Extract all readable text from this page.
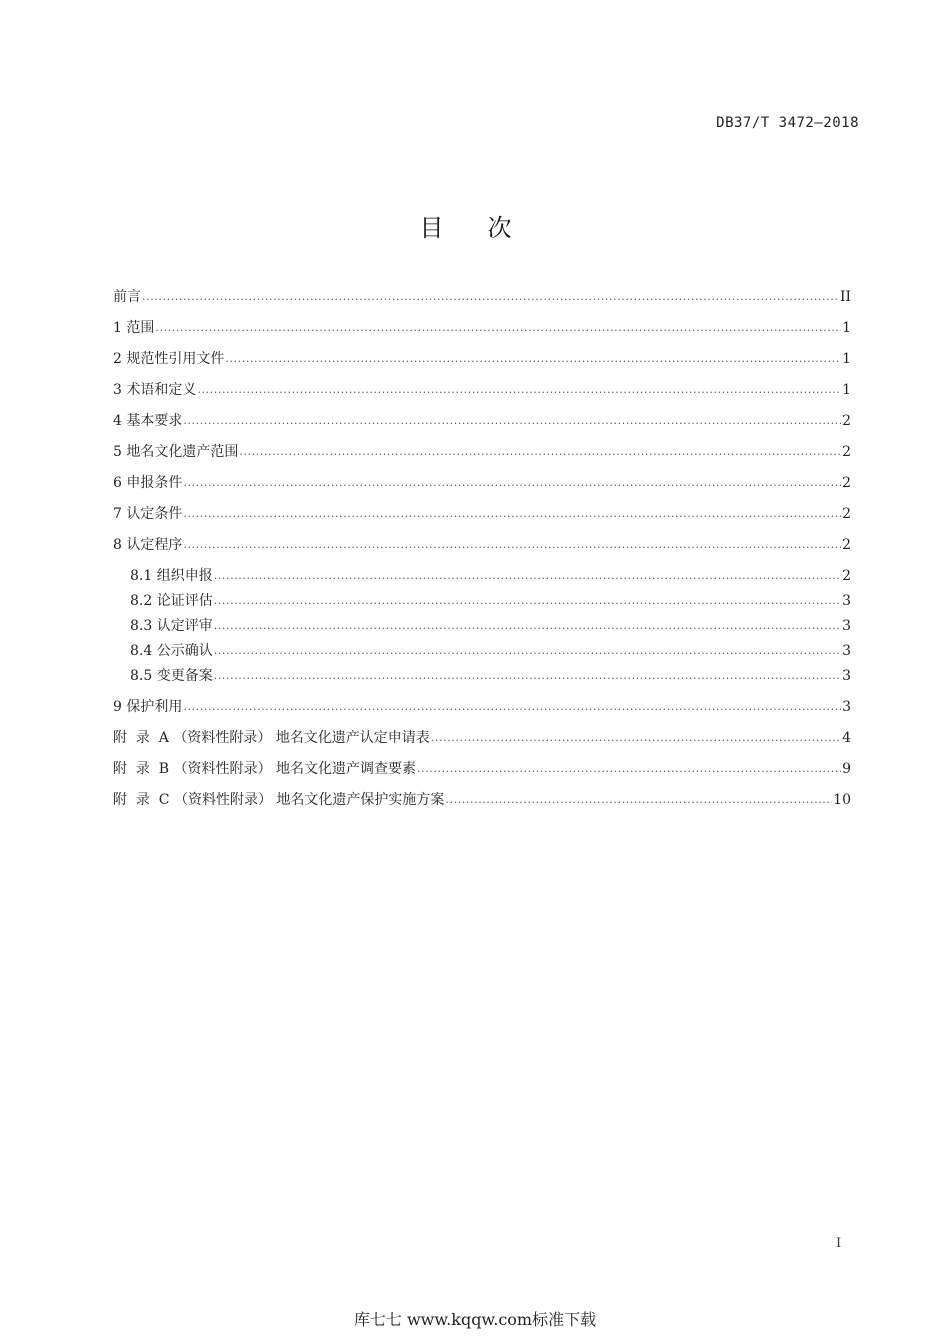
DB37/T 3472—2018
目次
前言 .....	II
1 范围 .....	1
2 规范性引用文件 .....	1
3 术语和定义 .....	1
4 基本要求 .....	2
5 地名文化遗产范围 .....	2
6 申报条件 .....	2
7 认定条件 .....	2
8 认定程序 .....	2
8.1 组织申报 .....	2
8.2 论证评估 .....	3
8.3 认定评审 .....	3
8.4 公示确认 .....	3
8.5 变更备案 .....	3
9 保护利用 .....	3
附  录  A （资料性附录） 地名文化遗产认定申请表 .....	4
附  录  B （资料性附录） 地名文化遗产调查要素 .....	9
附  录  C （资料性附录） 地名文化遗产保护实施方案 .....	10
I
库七七 www.kqqw.com标准下载
